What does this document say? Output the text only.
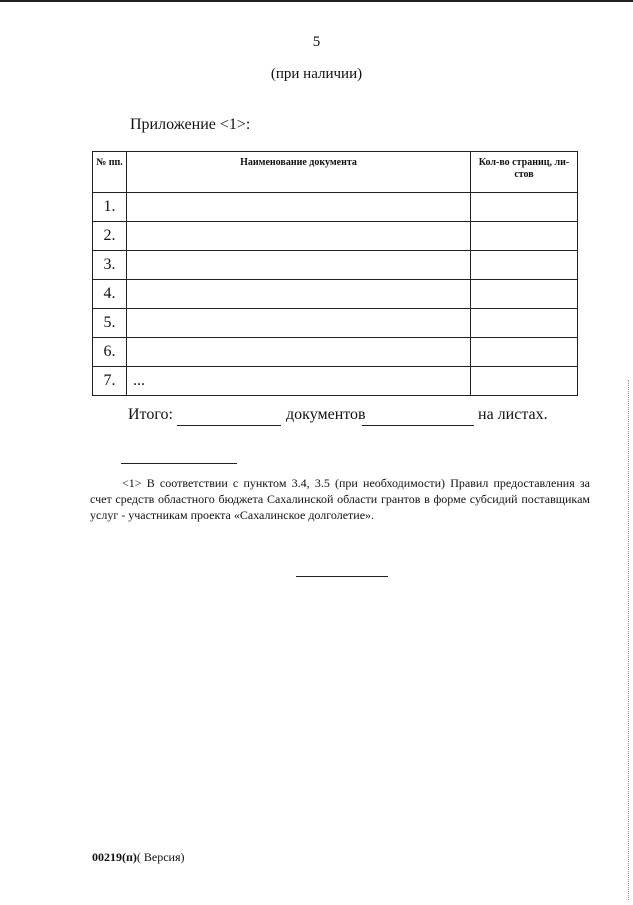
5
(при наличии)
Приложение <1>:
№ пп.	Наименование документа	Кол-во страниц, ли-стов
1.		
2.		
3.		
4.		
5.		
6.		
7.	...	
Итого:	документов	на листах.
<1> В соответствии с пунктом 3.4, 3.5 (при необходимости) Правил предоставления за счет средств областного бюджета Сахалинской области грантов в форме субсидий поставщикам услуг - участникам проекта «Сахалинское долголетие».
00219(п)( Версия)
